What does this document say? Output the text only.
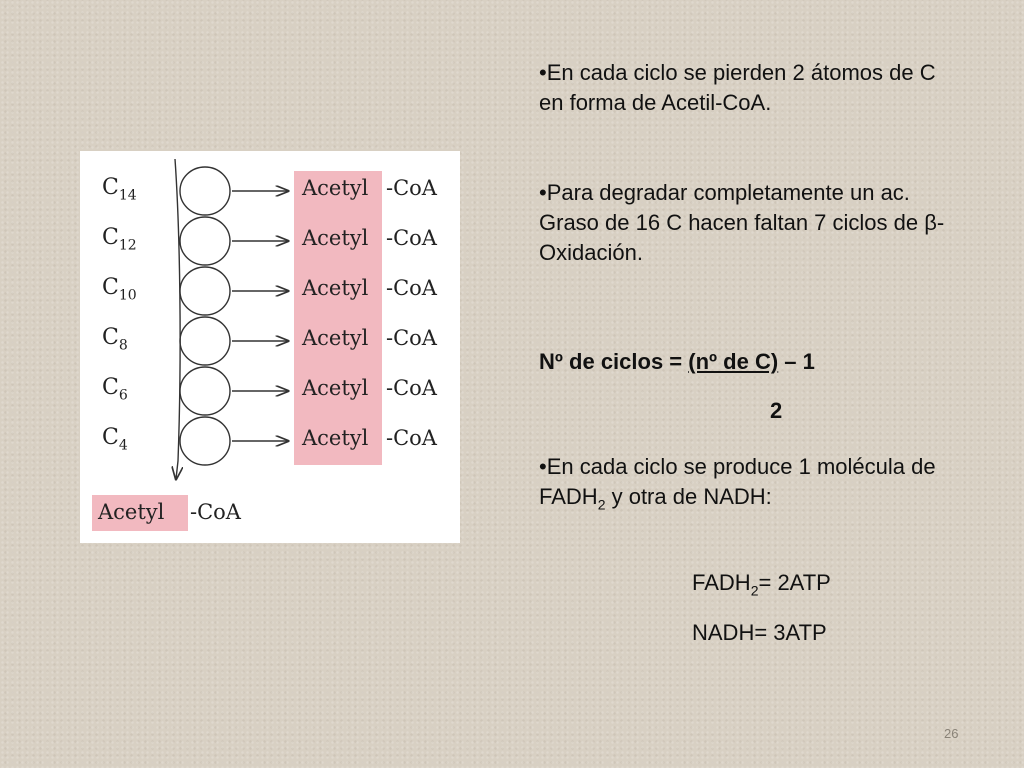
$C_{14}$
$C_{12}$
$C_{10}$
$C_8$
$C_6$
$C_4$
Acetyl -CoA
Acetyl -CoA
Acetyl -CoA
Acetyl -CoA
Acetyl -CoA
Acetyl -CoA
Acetyl -CoA
•En cada ciclo se pierden 2 átomos de C en forma de Acetil-CoA.
•Para degradar completamente un ac. Graso de 16 C hacen faltan 7 ciclos de β-Oxidación.
Nº de ciclos = (nº de C) – 1
2
•En cada ciclo se produce 1 molécula de $FADH_2$ y otra de NADH:
$FADH_2= 2ATP$
NADH= 3ATP
26
